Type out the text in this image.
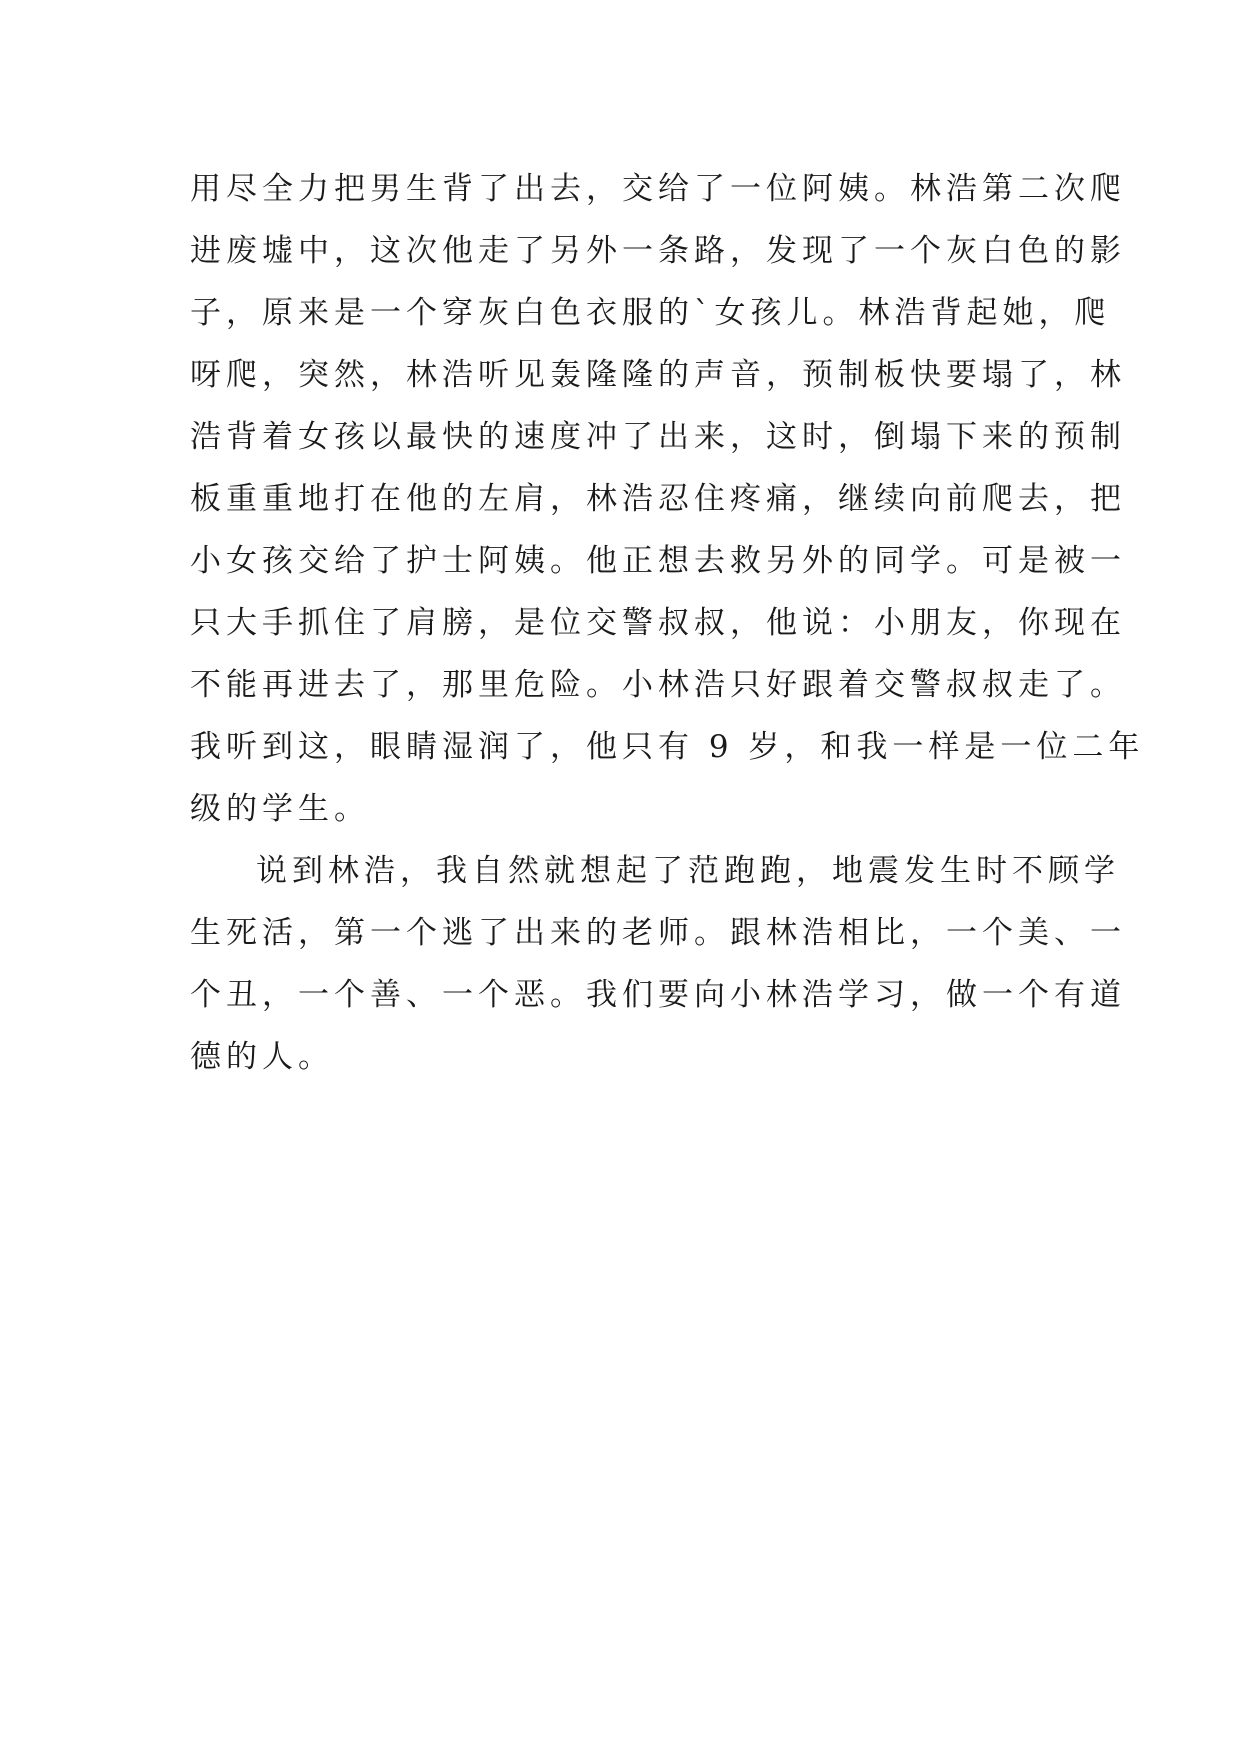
用尽全力把男生背了出去，交给了一位阿姨。林浩第二次爬
进废墟中，这次他走了另外一条路，发现了一个灰白色的影
子，原来是一个穿灰白色衣服的`女孩儿。林浩背起她，爬
呀爬，突然，林浩听见轰隆隆的声音，预制板快要塌了，林
浩背着女孩以最快的速度冲了出来，这时，倒塌下来的预制
板重重地打在他的左肩，林浩忍住疼痛，继续向前爬去，把
小女孩交给了护士阿姨。他正想去救另外的同学。可是被一
只大手抓住了肩膀，是位交警叔叔，他说：小朋友，你现在
不能再进去了，那里危险。小林浩只好跟着交警叔叔走了。
我听到这，眼睛湿润了，他只有 9 岁，和我一样是一位二年
级的学生。
说到林浩，我自然就想起了范跑跑，地震发生时不顾学
生死活，第一个逃了出来的老师。跟林浩相比，一个美、一
个丑，一个善、一个恶。我们要向小林浩学习，做一个有道
德的人。
